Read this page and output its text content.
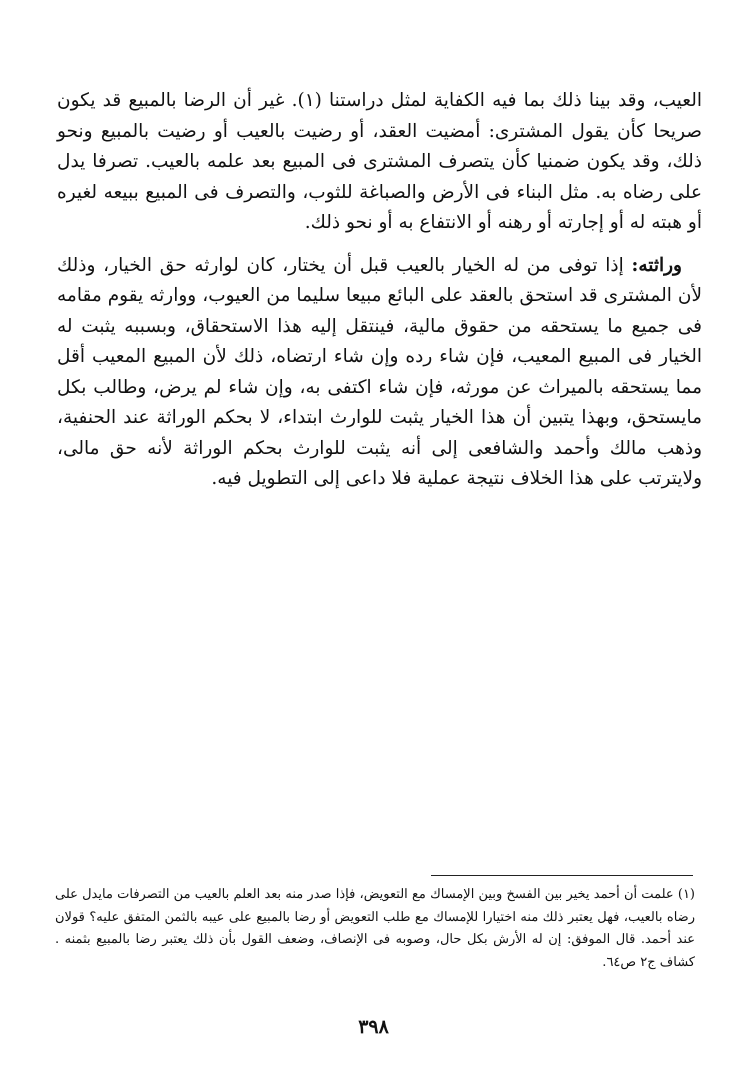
العيب، وقد بينا ذلك بما فيه الكفاية لمثل دراستنا (١). غير أن الرضا بالمبيع قد يكون صريحا كأن يقول المشترى: أمضيت العقد، أو رضيت بالعيب أو رضيت بالمبيع ونحو ذلك، وقد يكون ضمنيا كأن يتصرف المشترى فى المبيع بعد علمه بالعيب. تصرفا يدل على رضاه به. مثل البناء فى الأرض والصباغة للثوب، والتصرف فى المبيع ببيعه لغيره أو هبته له أو إجارته أو رهنه أو الانتفاع به أو نحو ذلك.

وراثته: إذا توفى من له الخيار بالعيب قبل أن يختار، كان لوارثه حق الخيار، وذلك لأن المشترى قد استحق بالعقد على البائع مبيعا سليما من العيوب، ووارثه يقوم مقامه فى جميع ما يستحقه من حقوق مالية، فينتقل إليه هذا الاستحقاق، وبسببه يثبت له الخيار فى المبيع المعيب، فإن شاء رده وإن شاء ارتضاه، ذلك لأن المبيع المعيب أقل مما يستحقه بالميراث عن مورثه، فإن شاء اكتفى به، وإن شاء لم يرض، وطالب بكل مايستحق، وبهذا يتبين أن هذا الخيار يثبت للوارث ابتداء، لا بحكم الوراثة عند الحنفية، وذهب مالك وأحمد والشافعى إلى أنه يثبت للوارث بحكم الوراثة لأنه حق مالى، ولايترتب على هذا الخلاف نتيجة عملية فلا داعى إلى التطويل فيه.

(١) علمت أن أحمد يخير بين الفسخ وبين الإمساك مع التعويض، فإذا صدر منه بعد العلم بالعيب من التصرفات مايدل على رضاه بالعيب، فهل يعتبر ذلك منه اختيارا للإمساك مع طلب التعويض أو رضا بالمبيع على عيبه بالثمن المتفق عليه؟ قولان عند أحمد. قال الموفق: إن له الأرش بكل حال، وصوبه فى الإنصاف، وضعف القول بأن ذلك يعتبر رضا بالمبيع بثمنه . كشاف ج٢ ص٦٤.

٣٩٨
